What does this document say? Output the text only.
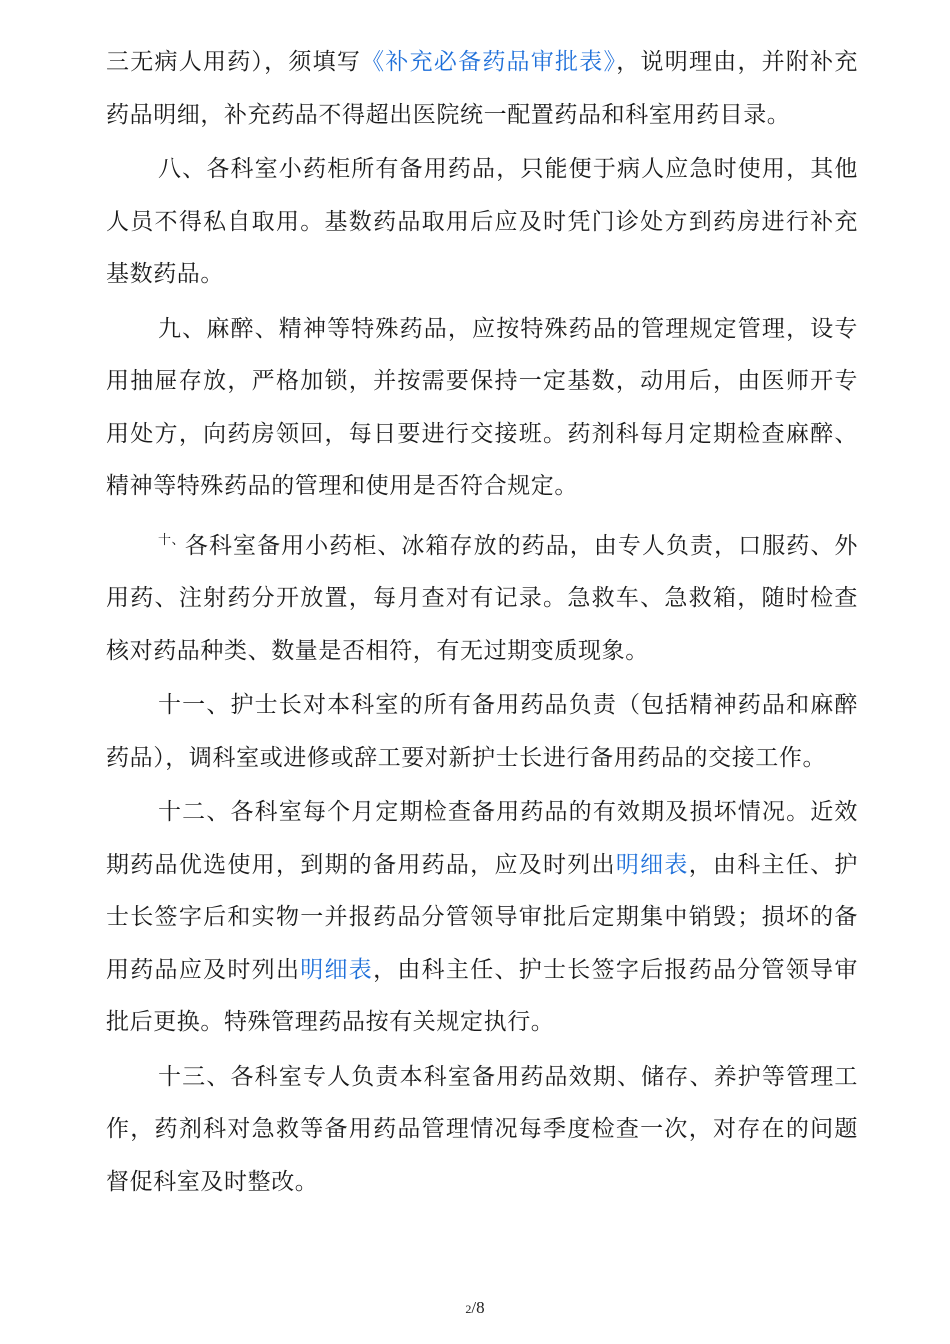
三无病人用药），须填写《补充必备药品审批表》，说明理由，并附补充药品明细，补充药品不得超出医院统一配置药品和科室用药目录。

八、各科室小药柜所有备用药品，只能便于病人应急时使用，其他人员不得私自取用。基数药品取用后应及时凭门诊处方到药房进行补充基数药品。

九、麻醉、精神等特殊药品，应按特殊药品的管理规定管理，设专用抽屉存放，严格加锁，并按需要保持一定基数，动用后，由医师开专用处方，向药房领回，每日要进行交接班。药剂科每月定期检查麻醉、精神等特殊药品的管理和使用是否符合规定。

$^{十、}$各科室备用小药柜、冰箱存放的药品，由专人负责，口服药、外用药、注射药分开放置，每月查对有记录。急救车、急救箱，随时检查核对药品种类、数量是否相符，有无过期变质现象。

十一、护士长对本科室的所有备用药品负责（包括精神药品和麻醉药品），调科室或进修或辞工要对新护士长进行备用药品的交接工作。

十二、各科室每个月定期检查备用药品的有效期及损坏情况。近效期药品优选使用，到期的备用药品，应及时列出明细表，由科主任、护士长签字后和实物一并报药品分管领导审批后定期集中销毁；损坏的备用药品应及时列出明细表，由科主任、护士长签字后报药品分管领导审批后更换。特殊管理药品按有关规定执行。

十三、各科室专人负责本科室备用药品效期、储存、养护等管理工作，药剂科对急救等备用药品管理情况每季度检查一次，对存在的问题督促科室及时整改。

2/8
